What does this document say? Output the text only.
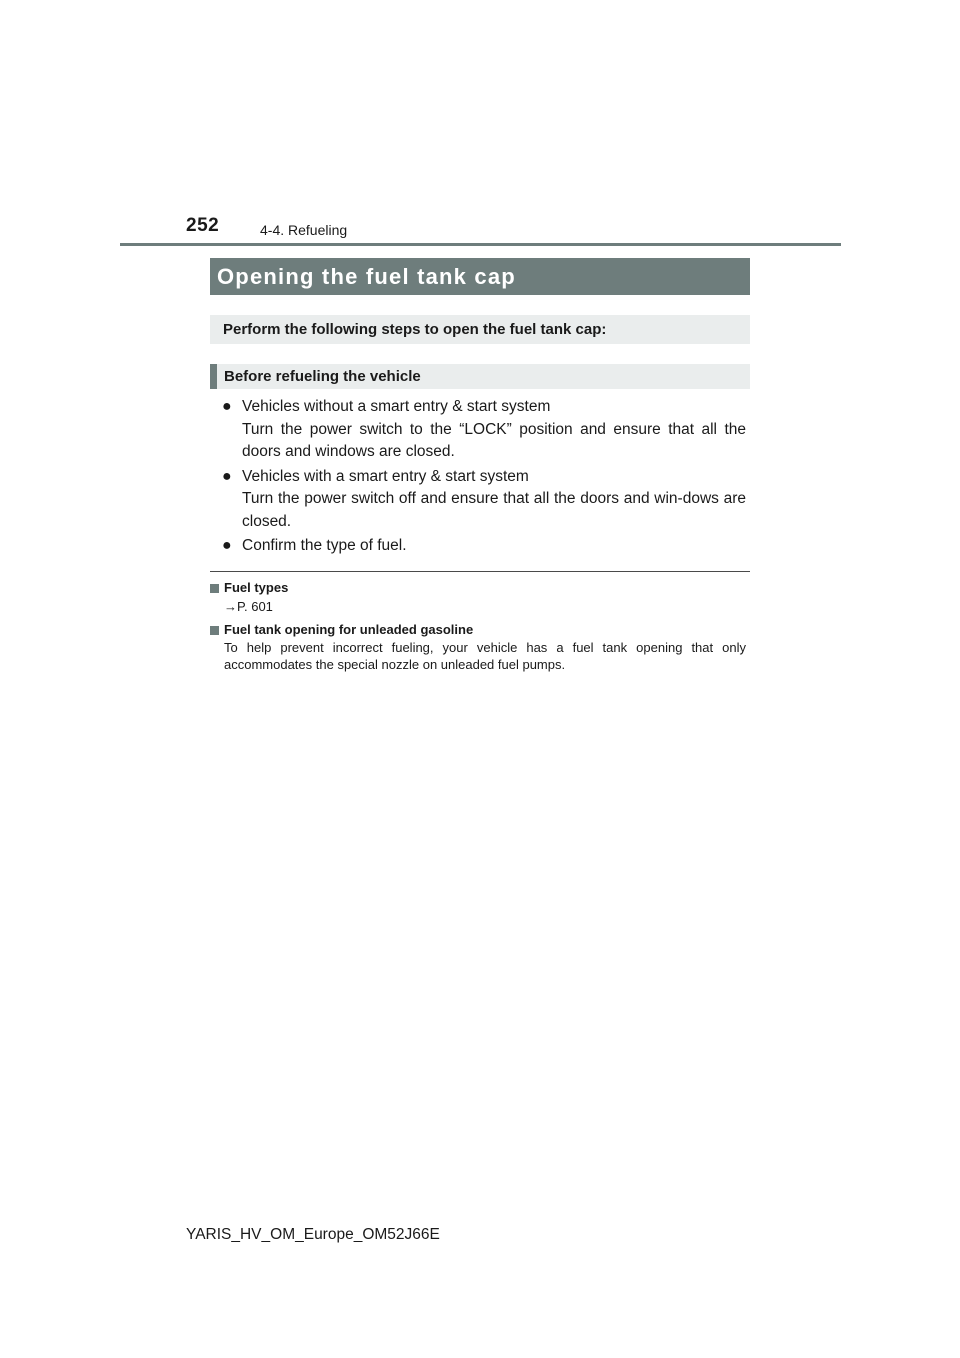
252	4-4. Refueling
Opening the fuel tank cap
Perform the following steps to open the fuel tank cap:
Before refueling the vehicle
● Vehicles without a smart entry & start system
Turn the power switch to the “LOCK” position and ensure that all the doors and windows are closed.
● Vehicles with a smart entry & start system
Turn the power switch off and ensure that all the doors and win-dows are closed.
● Confirm the type of fuel.
Fuel types
→P. 601
Fuel tank opening for unleaded gasoline
To help prevent incorrect fueling, your vehicle has a fuel tank opening that only accommodates the special nozzle on unleaded fuel pumps.
YARIS_HV_OM_Europe_OM52J66E
